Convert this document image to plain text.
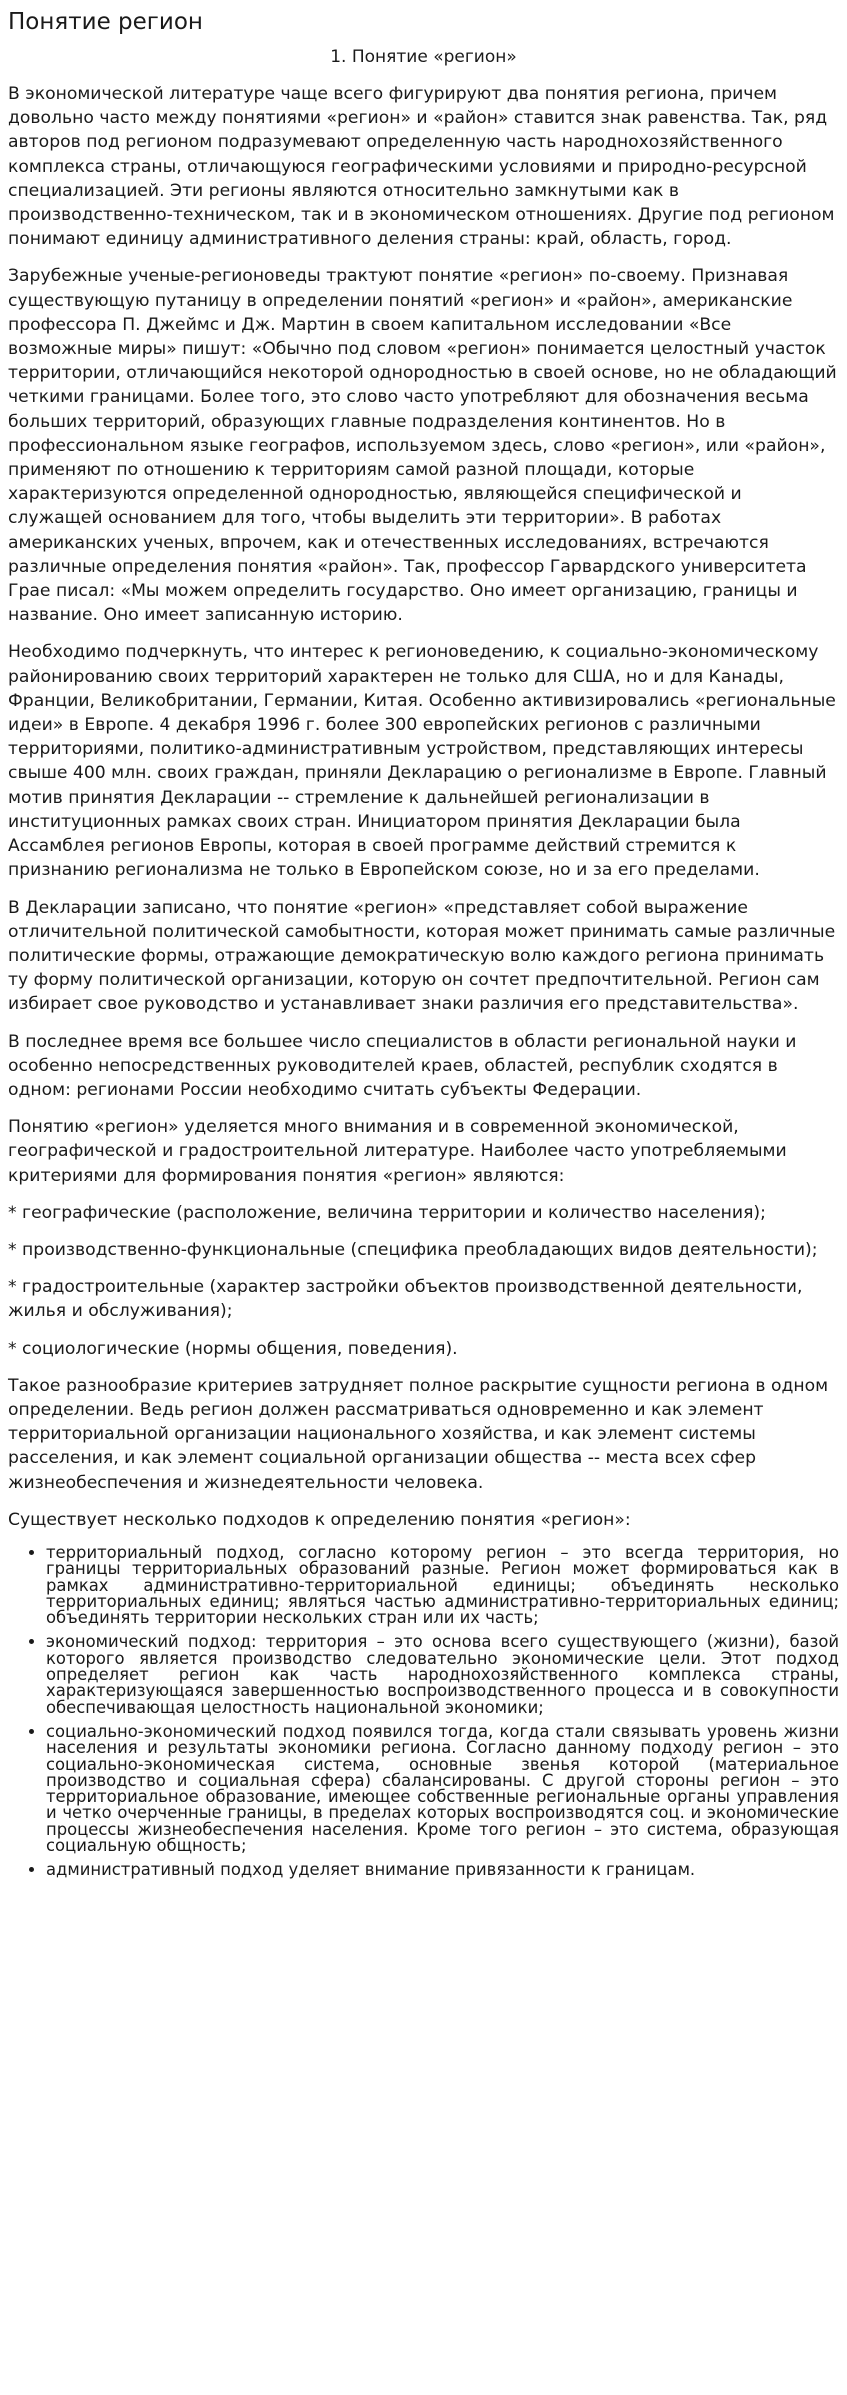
Понятие регион
1. Понятие «регион»

В экономической литературе чаще всего фигурируют два понятия региона, причем довольно часто между понятиями «регион» и «район» ставится знак равенства. Так, ряд авторов под регионом подразумевают определенную часть народнохозяйственного комплекса страны, отличающуюся географическими условиями и природно-ресурсной специализацией. Эти регионы являются относительно замкнутыми как в производственно-техническом, так и в экономическом отношениях. Другие под регионом понимают единицу административного деления страны: край, область, город.

Зарубежные ученые-регионоведы трактуют понятие «регион» по-своему. Признавая существующую путаницу в определении понятий «регион» и «район», американские профессора П. Джеймс и Дж. Мартин в своем капитальном исследовании «Все возможные миры» пишут: «Обычно под словом «регион» понимается целостный участок территории, отличающийся некоторой однородностью в своей основе, но не обладающий четкими границами. Более того, это слово часто употребляют для обозначения весьма больших территорий, образующих главные подразделения континентов. Но в профессиональном языке географов, используемом здесь, слово «регион», или «район», применяют по отношению к территориям самой разной площади, которые характеризуются определенной однородностью, являющейся специфической и служащей основанием для того, чтобы выделить эти территории». В работах американских ученых, впрочем, как и отечественных исследованиях, встречаются различные определения понятия «район». Так, профессор Гарвардского университета Грае писал: «Мы можем определить государство. Оно имеет организацию, границы и название. Оно имеет записанную историю.

Необходимо подчеркнуть, что интерес к регионоведению, к социально-экономическому районированию своих территорий характерен не только для США, но и для Канады, Франции, Великобритании, Германии, Китая. Особенно активизировались «региональные идеи» в Европе. 4 декабря 1996 г. более 300 европейских регионов с различными территориями, политико-административным устройством, представляющих интересы свыше 400 млн. своих граждан, приняли Декларацию о регионализме в Европе. Главный мотив принятия Декларации -- стремление к дальнейшей регионализации в институционных рамках своих стран. Инициатором принятия Декларации была Ассамблея регионов Европы, которая в своей программе действий стремится к признанию регионализма не только в Европейском союзе, но и за его пределами.

В Декларации записано, что понятие «регион» «представляет собой выражение отличительной политической самобытности, которая может принимать самые различные политические формы, отражающие демократическую волю каждого региона принимать ту форму политической организации, которую он сочтет предпочтительной. Регион сам избирает свое руководство и устанавливает знаки различия его представительства».

В последнее время все большее число специалистов в области региональной науки и особенно непосредственных руководителей краев, областей, республик сходятся в одном: регионами России необходимо считать субъекты Федерации.

Понятию «регион» уделяется много внимания и в современной экономической, географической и градостроительной литературе. Наиболее часто употребляемыми критериями для формирования понятия «регион» являются:

* географические (расположение, величина территории и количество населения);

* производственно-функциональные (специфика преобладающих видов деятельности);

* градостроительные (характер застройки объектов производственной деятельности, жилья и обслуживания);

* социологические (нормы общения, поведения).

Такое разнообразие критериев затрудняет полное раскрытие сущности региона в одном определении. Ведь регион должен рассматриваться одновременно и как элемент территориальной организации национального хозяйства, и как элемент системы расселения, и как элемент социальной организации общества -- места всех сфер жизнеобеспечения и жизнедеятельности человека.

Существует несколько подходов к определению понятия «регион»:

• территориальный подход, согласно которому регион – это всегда территория, но границы территориальных образований разные. Регион может формироваться как в рамках административно-территориальной единицы; объединять несколько территориальных единиц; являться частью административно-территориальных единиц; объединять территории нескольких стран или их часть;
• экономический подход: территория – это основа всего существующего (жизни), базой которого является производство следовательно экономические цели. Этот подход определяет регион как часть народнохозяйственного комплекса страны, характеризующаяся завершенностью воспроизводственного процесса и в совокупности обеспечивающая целостность национальной экономики;
• социально-экономический подход появился тогда, когда стали связывать уровень жизни населения и результаты экономики региона. Согласно данному подходу регион – это социально-экономическая система, основные звенья которой (материальное производство и социальная сфера) сбалансированы. С другой стороны регион – это территориальное образование, имеющее собственные региональные органы управления и четко очерченные границы, в пределах которых воспроизводятся соц. и экономические процессы жизнеобеспечения населения. Кроме того регион – это система, образующая социальную общность;
• административный подход уделяет внимание привязанности к границам.
